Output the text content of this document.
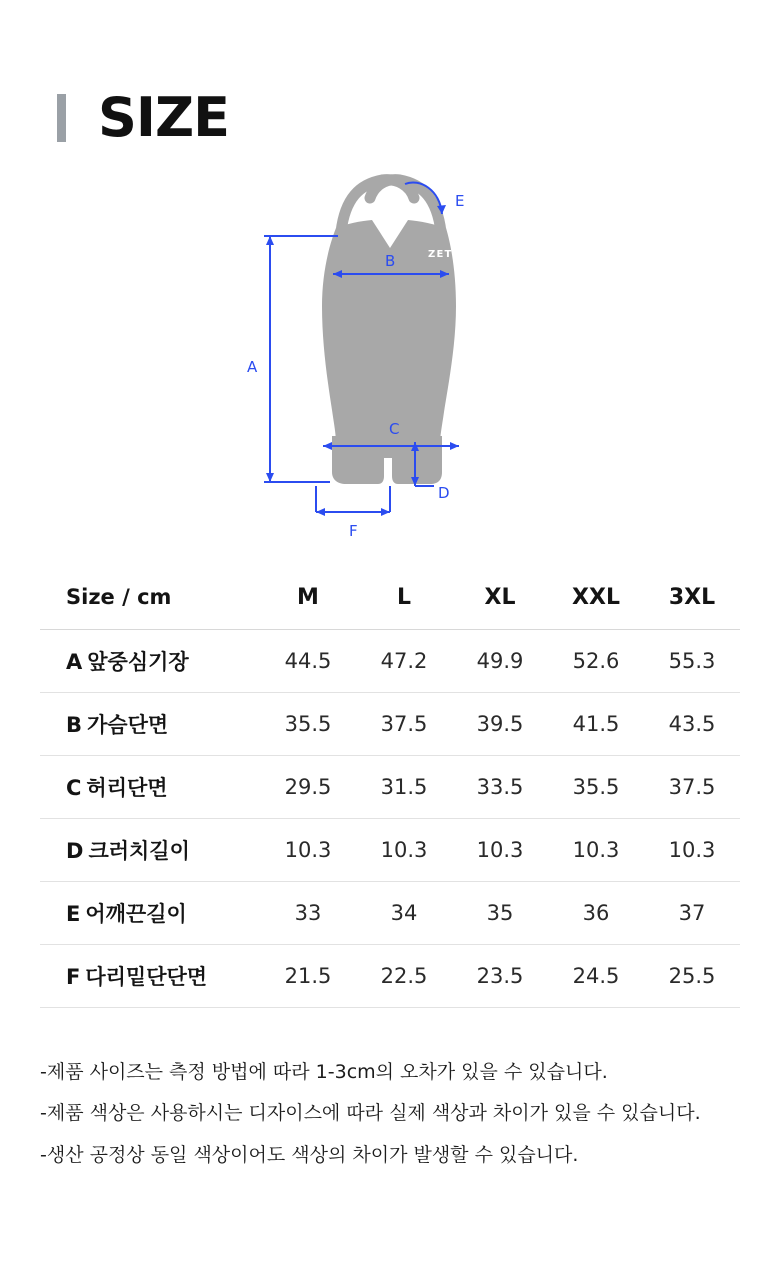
SIZE
ZETTA
A
B
C
D
E
F
Size / cm	M	L	XL	XXL	3XL
A 앞중심기장	44.5	47.2	49.9	52.6	55.3
B 가슴단면	35.5	37.5	39.5	41.5	43.5
C 허리단면	29.5	31.5	33.5	35.5	37.5
D 크러치길이	10.3	10.3	10.3	10.3	10.3
E 어깨끈길이	33	34	35	36	37
F 다리밑단단면	21.5	22.5	23.5	24.5	25.5

-제품 사이즈는 측정 방법에 따라 1-3cm의 오차가 있을 수 있습니다.

-제품 색상은 사용하시는 디자이스에 따라 실제 색상과 차이가 있을 수 있습니다.

-생산 공정상 동일 색상이어도 색상의 차이가 발생할 수 있습니다.
